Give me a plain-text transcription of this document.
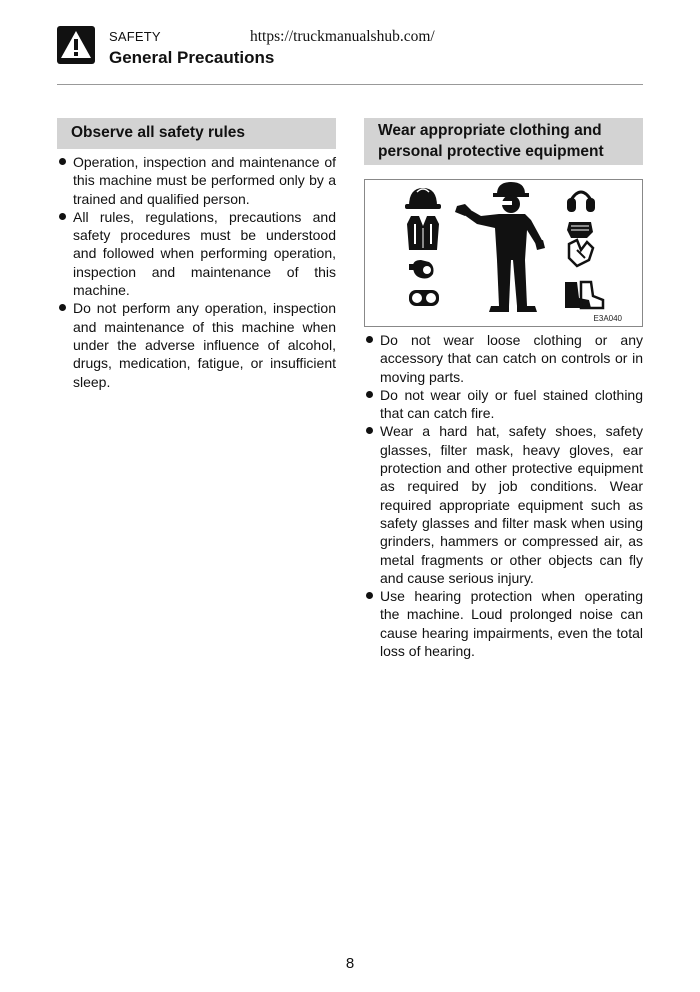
SAFETY
General Precautions
https://truckmanualshub.com/
Observe all safety rules
Operation, inspection and maintenance of this machine must be performed only by a trained and qualified person.
All rules, regulations, precautions and safety procedures must be understood and followed when performing operation, inspection and maintenance of this machine.
Do not perform any operation, inspection and maintenance of this machine when under the adverse influence of alcohol, drugs, medication, fatigue, or insufficient sleep.
Wear appropriate clothing and
personal protective equipment
E3A040
Do not wear loose clothing or any accessory that can catch on controls or in moving parts.
Do not wear oily or fuel stained clothing that can catch fire.
Wear a hard hat, safety shoes, safety glasses, filter mask, heavy gloves, ear protection and other protective equipment as required by job conditions. Wear required appropriate equipment such as safety glasses and filter mask when using grinders, hammers or compressed air, as metal fragments or other objects can fly and cause serious injury.
Use hearing protection when operating the machine. Loud prolonged noise can cause hearing impairments, even the total loss of hearing.
8
